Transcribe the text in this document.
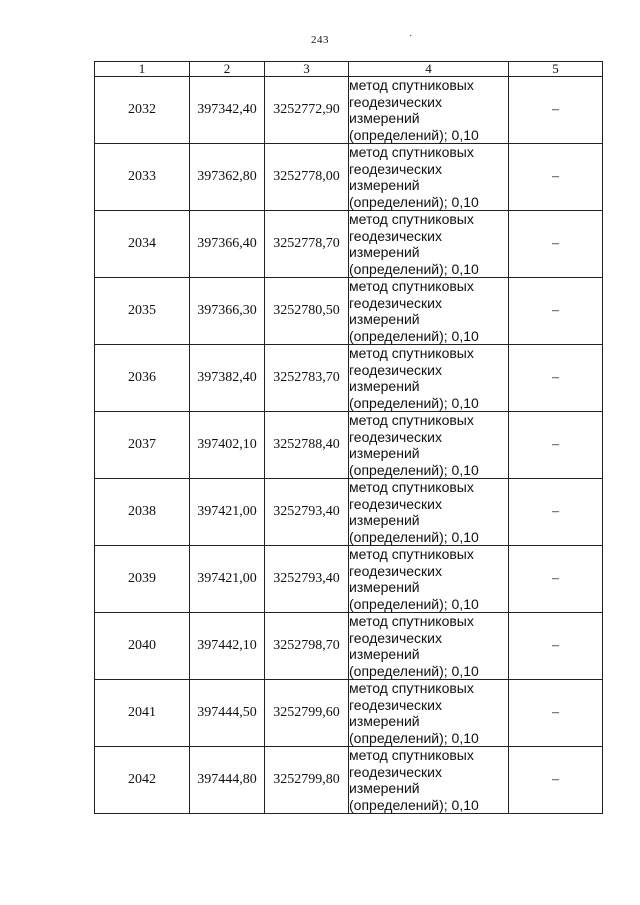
243	·
1	2	3	4	5
2032	397342,40	3252772,90	метод спутниковых
геодезических
измерений
(определений); 0,10	–
2033	397362,80	3252778,00	метод спутниковых
геодезических
измерений
(определений); 0,10	–
2034	397366,40	3252778,70	метод спутниковых
геодезических
измерений
(определений); 0,10	–
2035	397366,30	3252780,50	метод спутниковых
геодезических
измерений
(определений); 0,10	–
2036	397382,40	3252783,70	метод спутниковых
геодезических
измерений
(определений); 0,10	–
2037	397402,10	3252788,40	метод спутниковых
геодезических
измерений
(определений); 0,10	–
2038	397421,00	3252793,40	метод спутниковых
геодезических
измерений
(определений); 0,10	–
2039	397421,00	3252793,40	метод спутниковых
геодезических
измерений
(определений); 0,10	–
2040	397442,10	3252798,70	метод спутниковых
геодезических
измерений
(определений); 0,10	–
2041	397444,50	3252799,60	метод спутниковых
геодезических
измерений
(определений); 0,10	–
2042	397444,80	3252799,80	метод спутниковых
геодезических
измерений
(определений); 0,10	–
